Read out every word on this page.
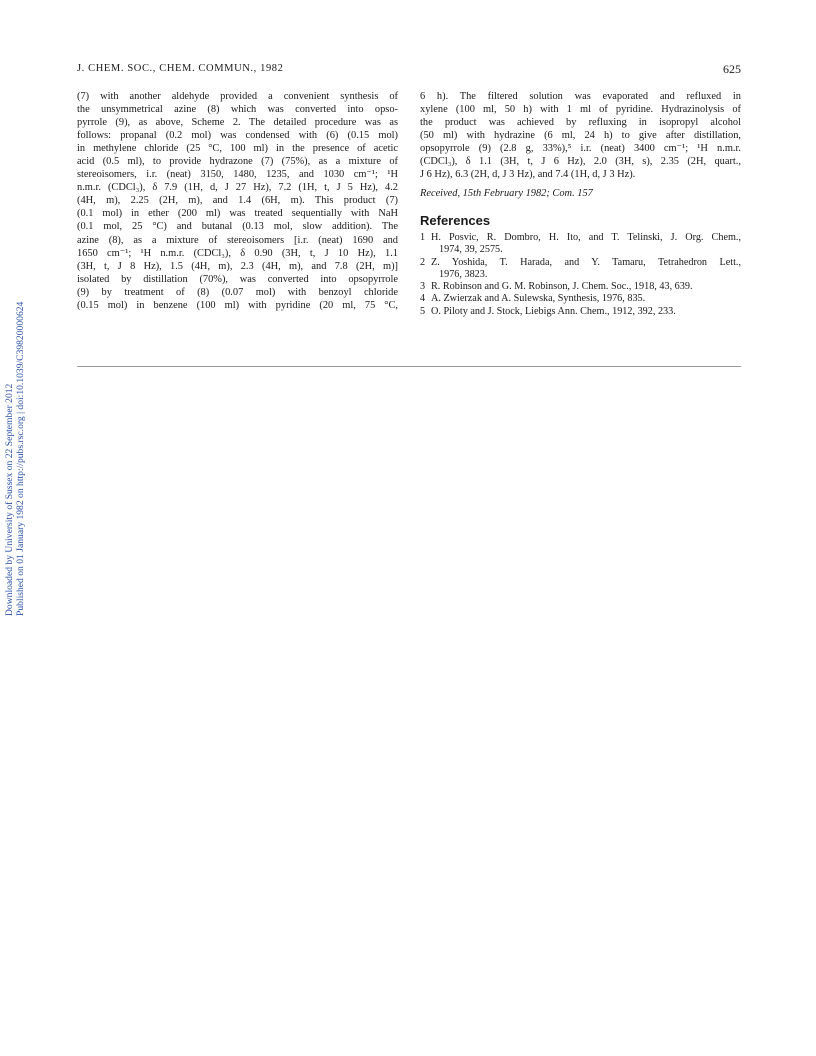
J. CHEM. SOC., CHEM. COMMUN., 1982	625
(7) with another aldehyde provided a convenient synthesis of
the unsymmetrical azine (8) which was converted into opso-
pyrrole (9), as above, Scheme 2. The detailed procedure was as
follows: propanal (0.2 mol) was condensed with (6) (0.15 mol)
in methylene chloride (25 °C, 100 ml) in the presence of acetic
acid (0.5 ml), to provide hydrazone (7) (75%), as a mixture of
stereoisomers, i.r. (neat) 3150, 1480, 1235, and 1030 cm⁻¹; ¹H
n.m.r. (CDCl₃), δ 7.9 (1H, d, J 27 Hz), 7.2 (1H, t, J 5 Hz), 4.2
(4H, m), 2.25 (2H, m), and 1.4 (6H, m). This product (7)
(0.1 mol) in ether (200 ml) was treated sequentially with NaH
(0.1 mol, 25 °C) and butanal (0.13 mol, slow addition). The
azine (8), as a mixture of stereoisomers [i.r. (neat) 1690 and
1650 cm⁻¹; ¹H n.m.r. (CDCl₃), δ 0.90 (3H, t, J 10 Hz), 1.1
(3H, t, J 8 Hz), 1.5 (4H, m), 2.3 (4H, m), and 7.8 (2H, m)]
isolated by distillation (70%), was converted into opsopyrrole
(9) by treatment of (8) (0.07 mol) with benzoyl chloride
(0.15 mol) in benzene (100 ml) with pyridine (20 ml, 75 °C,
6 h). The filtered solution was evaporated and refluxed in
xylene (100 ml, 50 h) with 1 ml of pyridine. Hydrazinolysis of
the product was achieved by refluxing in isopropyl alcohol
(50 ml) with hydrazine (6 ml, 24 h) to give after distillation,
opsopyrrole (9) (2.8 g, 33%),⁵ i.r. (neat) 3400 cm⁻¹; ¹H n.m.r.
(CDCl₃), δ 1.1 (3H, t, J 6 Hz), 2.0 (3H, s), 2.35 (2H, quart.,
J 6 Hz), 6.3 (2H, d, J 3 Hz), and 7.4 (1H, d, J 3 Hz).
Received, 15th February 1982; Com. 157
References
1 H. Posvic, R. Dombro, H. Ito, and T. Telinski, J. Org. Chem.,
1974, 39, 2575.
2 Z. Yoshida, T. Harada, and Y. Tamaru, Tetrahedron Lett.,
1976, 3823.
3 R. Robinson and G. M. Robinson, J. Chem. Soc., 1918, 43, 639.
4 A. Zwierzak and A. Sulewska, Synthesis, 1976, 835.
5 O. Piloty and J. Stock, Liebigs Ann. Chem., 1912, 392, 233.
Downloaded by University of Sussex on 22 September 2012 Published on 01 January 1982 on http://pubs.rsc.org | doi:10.1039/C39820000624
